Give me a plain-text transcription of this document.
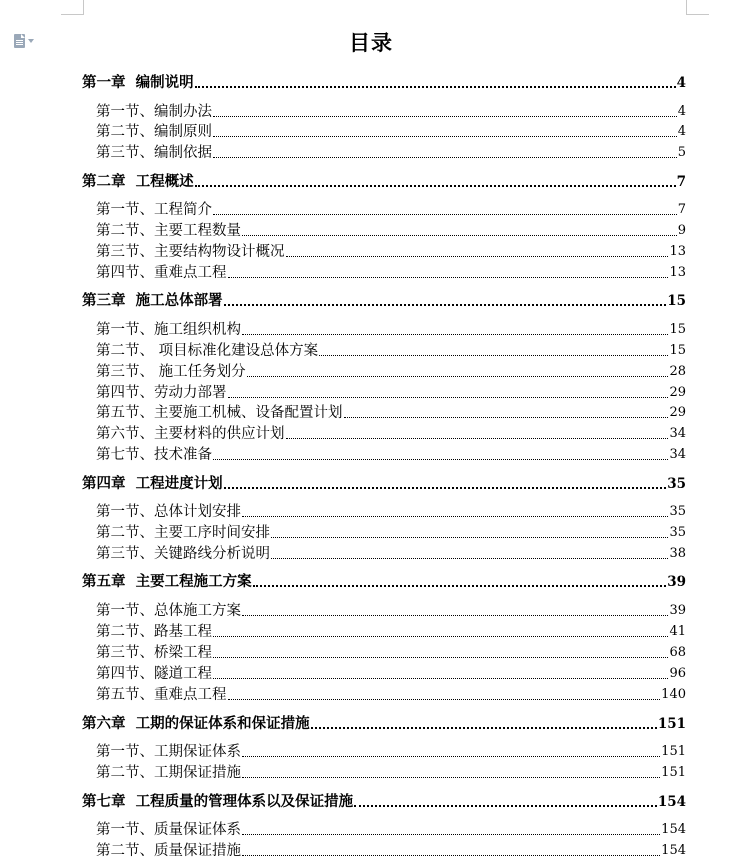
目录
第一章  编制说明	4
第一节、编制办法	4
第二节、编制原则	4
第三节、编制依据	5
第二章  工程概述	7
第一节、工程简介	7
第二节、主要工程数量	9
第三节、主要结构物设计概况	13
第四节、重难点工程	13
第三章  施工总体部署	15
第一节、施工组织机构	15
第二节、 项目标准化建设总体方案	15
第三节、 施工任务划分	28
第四节、劳动力部署	29
第五节、主要施工机械、设备配置计划	29
第六节、主要材料的供应计划	34
第七节、技术准备	34
第四章  工程进度计划	35
第一节、总体计划安排	35
第二节、主要工序时间安排	35
第三节、关键路线分析说明	38
第五章  主要工程施工方案	39
第一节、总体施工方案	39
第二节、路基工程	41
第三节、桥梁工程	68
第四节、隧道工程	96
第五节、重难点工程	140
第六章  工期的保证体系和保证措施	151
第一节、工期保证体系	151
第二节、工期保证措施	151
第七章  工程质量的管理体系以及保证措施	154
第一节、质量保证体系	154
第二节、质量保证措施	154
